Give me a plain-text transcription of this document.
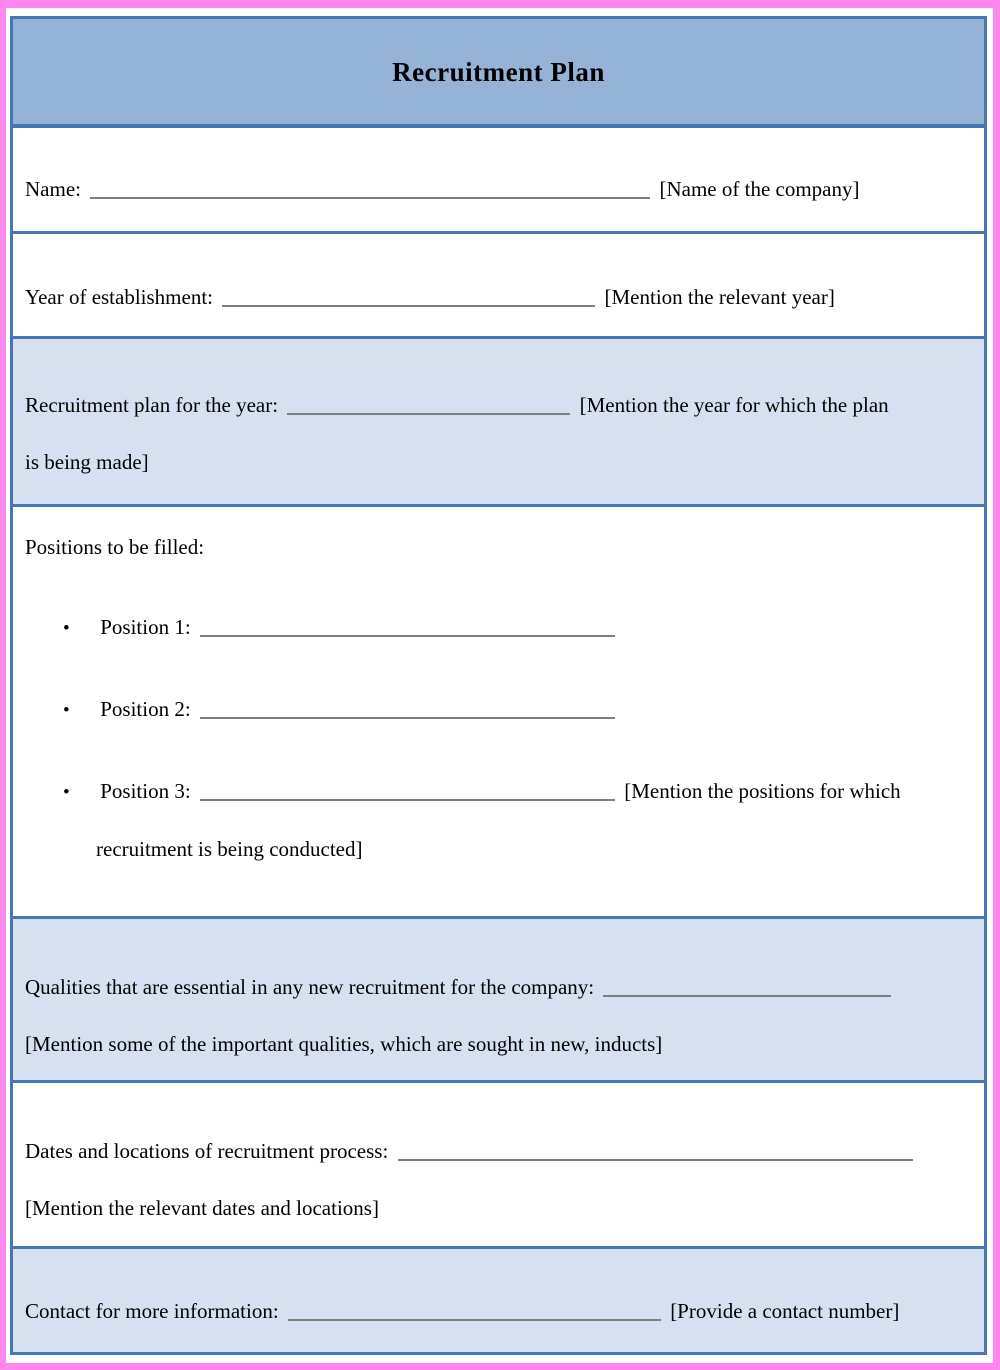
Recruitment Plan

Name:	[Name of the company]

Year of establishment:	[Mention the relevant year]

Recruitment plan for the year:	[Mention the year for which the plan

is being made]

Positions to be filled:
• Position 1:
• Position 2:
• Position 3:	[Mention the positions for which
recruitment is being conducted]

Qualities that are essential in any new recruitment for the company:

[Mention some of the important qualities, which are sought in new, inducts]

Dates and locations of recruitment process:

[Mention the relevant dates and locations]

Contact for more information:	[Provide a contact number]
